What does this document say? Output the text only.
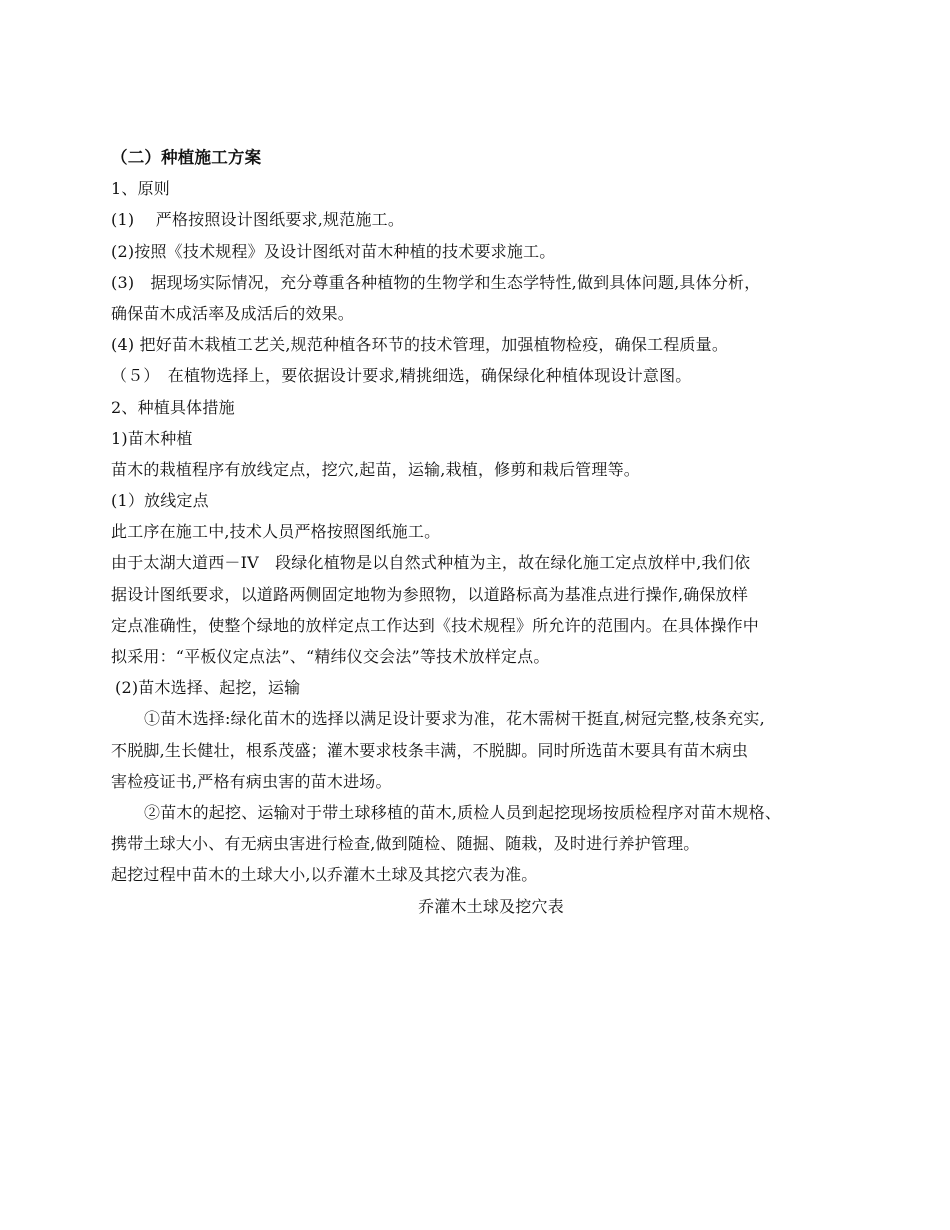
（二）种植施工方案
1、原则
(1)　 严格按照设计图纸要求,规范施工。
(2)按照《技术规程》及设计图纸对苗木种植的技术要求施工。
(3)　据现场实际情况，充分尊重各种植物的生物学和生态学特性,做到具体问题,具体分析，
确保苗木成活率及成活后的效果。
(4) 把好苗木栽植工艺关,规范种植各环节的技术管理，加强植物检疫，确保工程质量。
（５）　在植物选择上，要依据设计要求,精挑细选，确保绿化种植体现设计意图。
2、种植具体措施
1)苗木种植
苗木的栽植程序有放线定点，挖穴,起苗，运输,栽植，修剪和栽后管理等。
(1）放线定点
此工序在施工中,技术人员严格按照图纸施工。
由于太湖大道西－IV　段绿化植物是以自然式种植为主，故在绿化施工定点放样中,我们依
据设计图纸要求，以道路两侧固定地物为参照物，以道路标高为基准点进行操作,确保放样
定点准确性，使整个绿地的放样定点工作达到《技术规程》所允许的范围内。在具体操作中
拟采用：“平板仪定点法”、“精纬仪交会法”等技术放样定点。
(2)苗木选择、起挖，运输
①苗木选择:绿化苗木的选择以满足设计要求为准，花木需树干挺直,树冠完整,枝条充实,
不脱脚,生长健壮，根系茂盛；灌木要求枝条丰满，不脱脚。同时所选苗木要具有苗木病虫
害检疫证书,严格有病虫害的苗木进场。
②苗木的起挖、运输对于带土球移植的苗木,质检人员到起挖现场按质检程序对苗木规格、
携带土球大小、有无病虫害进行检查,做到随检、随掘、随栽，及时进行养护管理。
起挖过程中苗木的土球大小,以乔灌木土球及其挖穴表为准。
乔灌木土球及挖穴表
